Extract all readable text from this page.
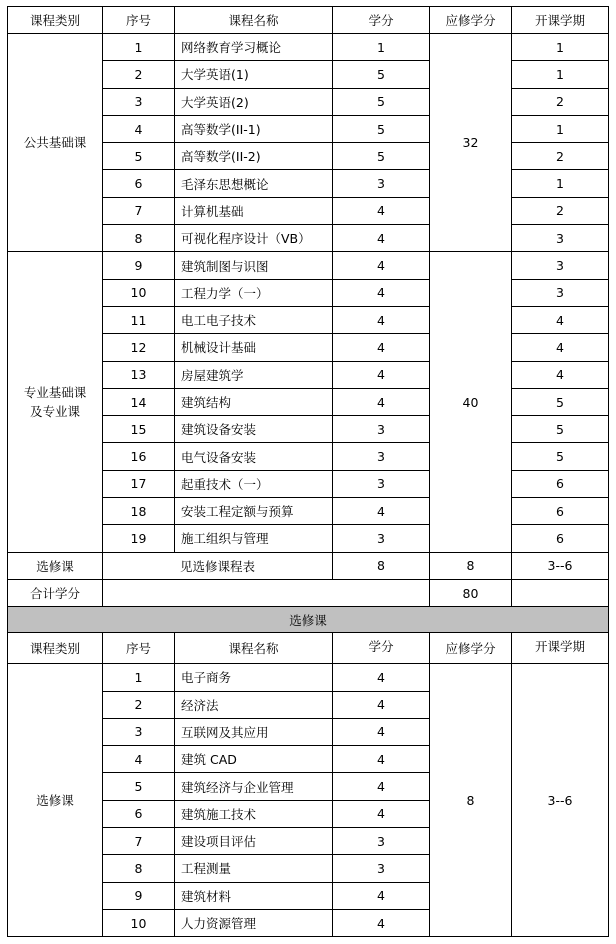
课程类别	序号	课程名称	学分	应修学分	开课学期
公共基础课	1	网络教育学习概论	1	32	1
	2	大学英语(1)	5		1
	3	大学英语(2)	5		2
	4	高等数学(II-1)	5		1
	5	高等数学(II-2)	5		2
	6	毛泽东思想概论	3		1
	7	计算机基础	4		2
	8	可视化程序设计（VB）	4		3

专业基础课
及专业课	9	建筑制图与识图	4	40	3
	10	工程力学（一）	4		3
	11	电工电子技术	4		4
	12	机械设计基础	4		4
	13	房屋建筑学	4		4
	14	建筑结构	4		5
	15	建筑设备安装	3		5
	16	电气设备安装	3		5
	17	起重技术（一）	3		6
	18	安装工程定额与预算	4		6
	19	施工组织与管理	3		6
选修课	见选修课程表		8	8	3--6
合计学分				80	
选修课					
课程类别	序号	课程名称	学分	应修学分	开课学期
选修课	1	电子商务	4	8	3--6
	2	经济法	4		
	3	互联网及其应用	4		
	4	建筑 CAD	4		
	5	建筑经济与企业管理	4		
	6	建筑施工技术	4		
	7	建设项目评估	3		
	8	工程测量	3		
	9	建筑材料	4		
	10	人力资源管理	4		
